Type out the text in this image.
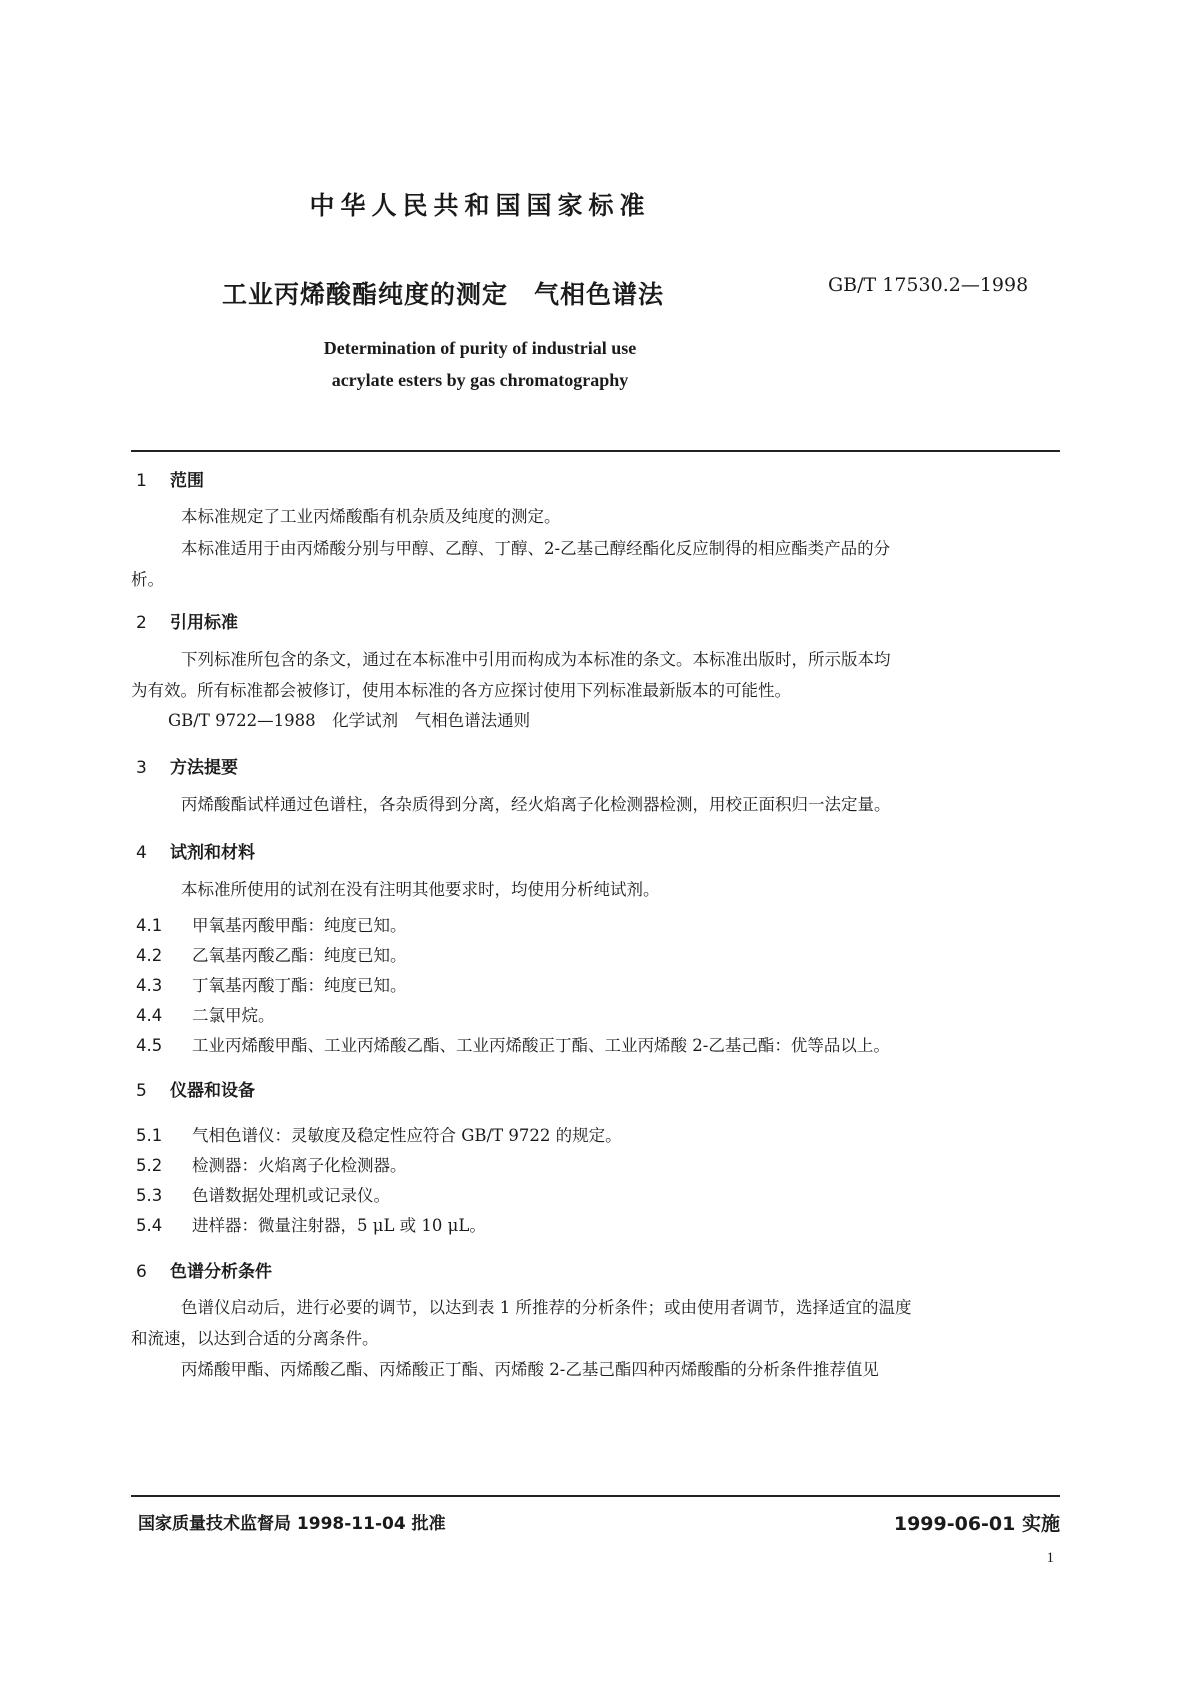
中华人民共和国国家标准
工业丙烯酸酯纯度的测定　气相色谱法	GB/T 17530.2—1998
Determination of purity of industrial use
acrylate esters by gas chromatography
1 范围
本标准规定了工业丙烯酸酯有机杂质及纯度的测定。
本标准适用于由丙烯酸分别与甲醇、乙醇、丁醇、2-乙基己醇经酯化反应制得的相应酯类产品的分
析。
2 引用标准
下列标准所包含的条文，通过在本标准中引用而构成为本标准的条文。本标准出版时，所示版本均
为有效。所有标准都会被修订，使用本标准的各方应探讨使用下列标准最新版本的可能性。
GB/T 9722—1988　化学试剂　气相色谱法通则
3 方法提要
丙烯酸酯试样通过色谱柱，各杂质得到分离，经火焰离子化检测器检测，用校正面积归一法定量。
4 试剂和材料
本标准所使用的试剂在没有注明其他要求时，均使用分析纯试剂。
4.1 甲氧基丙酸甲酯：纯度已知。
4.2 乙氧基丙酸乙酯：纯度已知。
4.3 丁氧基丙酸丁酯：纯度已知。
4.4 二氯甲烷。
4.5 工业丙烯酸甲酯、工业丙烯酸乙酯、工业丙烯酸正丁酯、工业丙烯酸 2-乙基己酯：优等品以上。
5 仪器和设备
5.1 气相色谱仪：灵敏度及稳定性应符合 GB/T 9722 的规定。
5.2 检测器：火焰离子化检测器。
5.3 色谱数据处理机或记录仪。
5.4 进样器：微量注射器，5 μL 或 10 μL。
6 色谱分析条件
色谱仪启动后，进行必要的调节，以达到表 1 所推荐的分析条件；或由使用者调节，选择适宜的温度
和流速，以达到合适的分离条件。
丙烯酸甲酯、丙烯酸乙酯、丙烯酸正丁酯、丙烯酸 2-乙基己酯四种丙烯酸酯的分析条件推荐值见
国家质量技术监督局 1998-11-04 批准	1999-06-01 实施
1
